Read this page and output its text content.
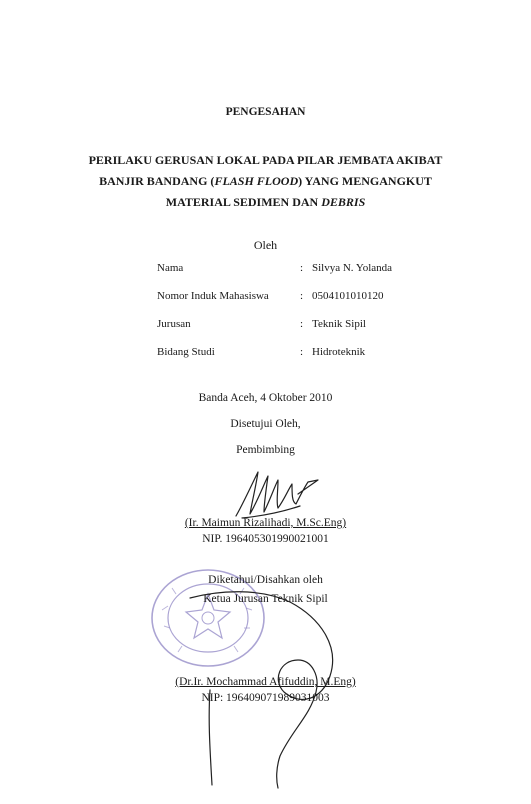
PENGESAHAN
PERILAKU GERUSAN LOKAL PADA PILAR JEMBATA AKIBAT
BANJIR BANDANG (FLASH FLOOD) YANG MENGANGKUT
MATERIAL SEDIMEN DAN DEBRIS
Oleh
Nama	: Silvya N. Yolanda
Nomor Induk Mahasiswa	: 0504101010120
Jurusan	: Teknik Sipil
Bidang Studi	: Hidroteknik
Banda Aceh, 4 Oktober 2010
Disetujui Oleh,
Pembimbing
(Ir. Maimun Rizalihadi, M.Sc.Eng)
NIP. 196405301990021001
Diketahui/Disahkan oleh
Ketua Jurusan Teknik Sipil
(Dr.Ir. Mochammad Afifuddin, M.Eng)
NIP: 196409071989031003
